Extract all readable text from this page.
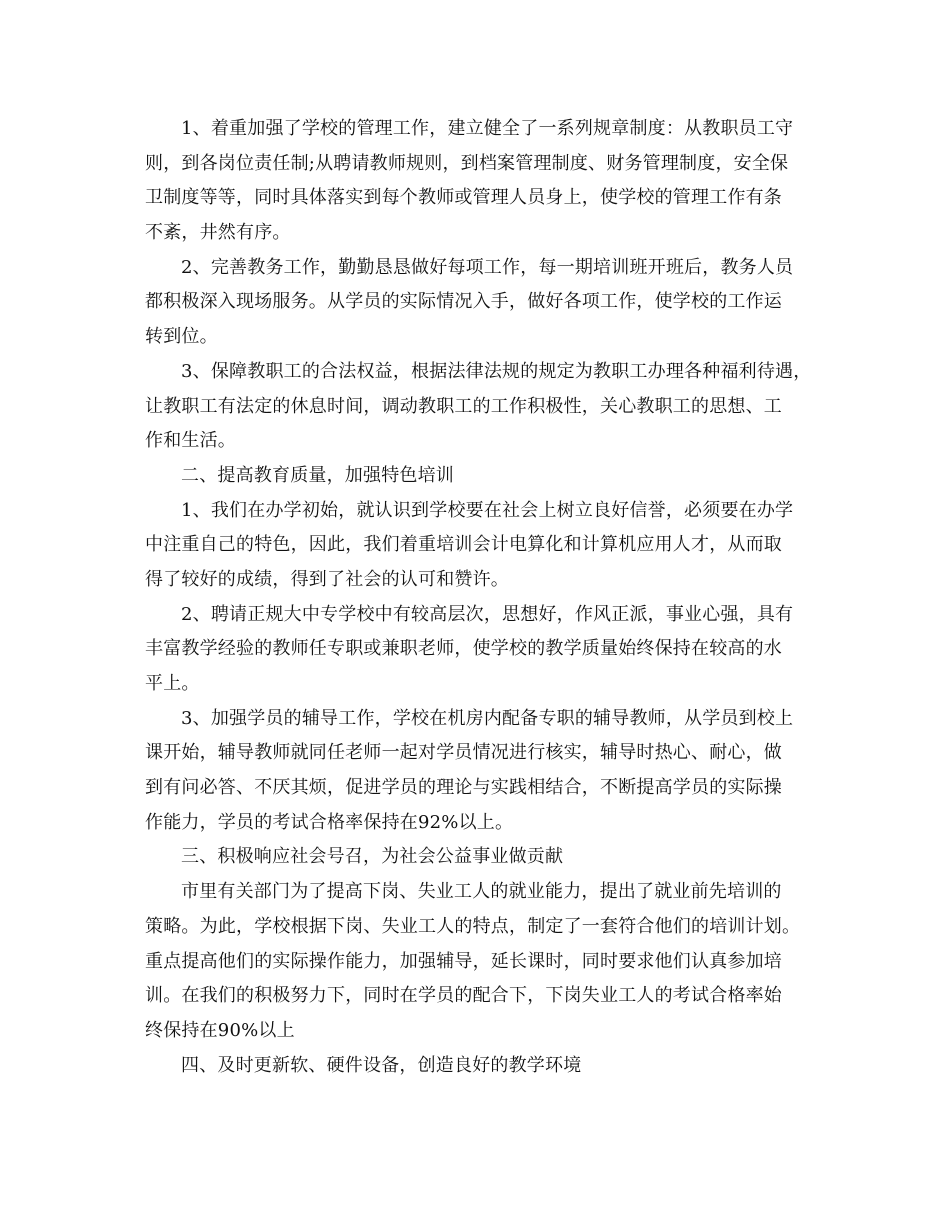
1、着重加强了学校的管理工作，建立健全了一系列规章制度：从教职员工守
则，到各岗位责任制;从聘请教师规则，到档案管理制度、财务管理制度，安全保
卫制度等等，同时具体落实到每个教师或管理人员身上，使学校的管理工作有条
不紊，井然有序。
2、完善教务工作，勤勤恳恳做好每项工作，每一期培训班开班后，教务人员
都积极深入现场服务。从学员的实际情况入手，做好各项工作，使学校的工作运
转到位。
3、保障教职工的合法权益，根据法律法规的规定为教职工办理各种福利待遇，
让教职工有法定的休息时间，调动教职工的工作积极性，关心教职工的思想、工
作和生活。
二、提高教育质量，加强特色培训
1、我们在办学初始，就认识到学校要在社会上树立良好信誉，必须要在办学
中注重自己的特色，因此，我们着重培训会计电算化和计算机应用人才，从而取
得了较好的成绩，得到了社会的认可和赞许。
2、聘请正规大中专学校中有较高层次，思想好，作风正派，事业心强，具有
丰富教学经验的教师任专职或兼职老师，使学校的教学质量始终保持在较高的水
平上。
3、加强学员的辅导工作，学校在机房内配备专职的辅导教师，从学员到校上
课开始，辅导教师就同任老师一起对学员情况进行核实，辅导时热心、耐心，做
到有问必答、不厌其烦，促进学员的理论与实践相结合，不断提高学员的实际操
作能力，学员的考试合格率保持在92%以上。
三、积极响应社会号召，为社会公益事业做贡献
市里有关部门为了提高下岗、失业工人的就业能力，提出了就业前先培训的
策略。为此，学校根据下岗、失业工人的特点，制定了一套符合他们的培训计划。
重点提高他们的实际操作能力，加强辅导，延长课时，同时要求他们认真参加培
训。在我们的积极努力下，同时在学员的配合下，下岗失业工人的考试合格率始
终保持在90%以上
四、及时更新软、硬件设备，创造良好的教学环境
